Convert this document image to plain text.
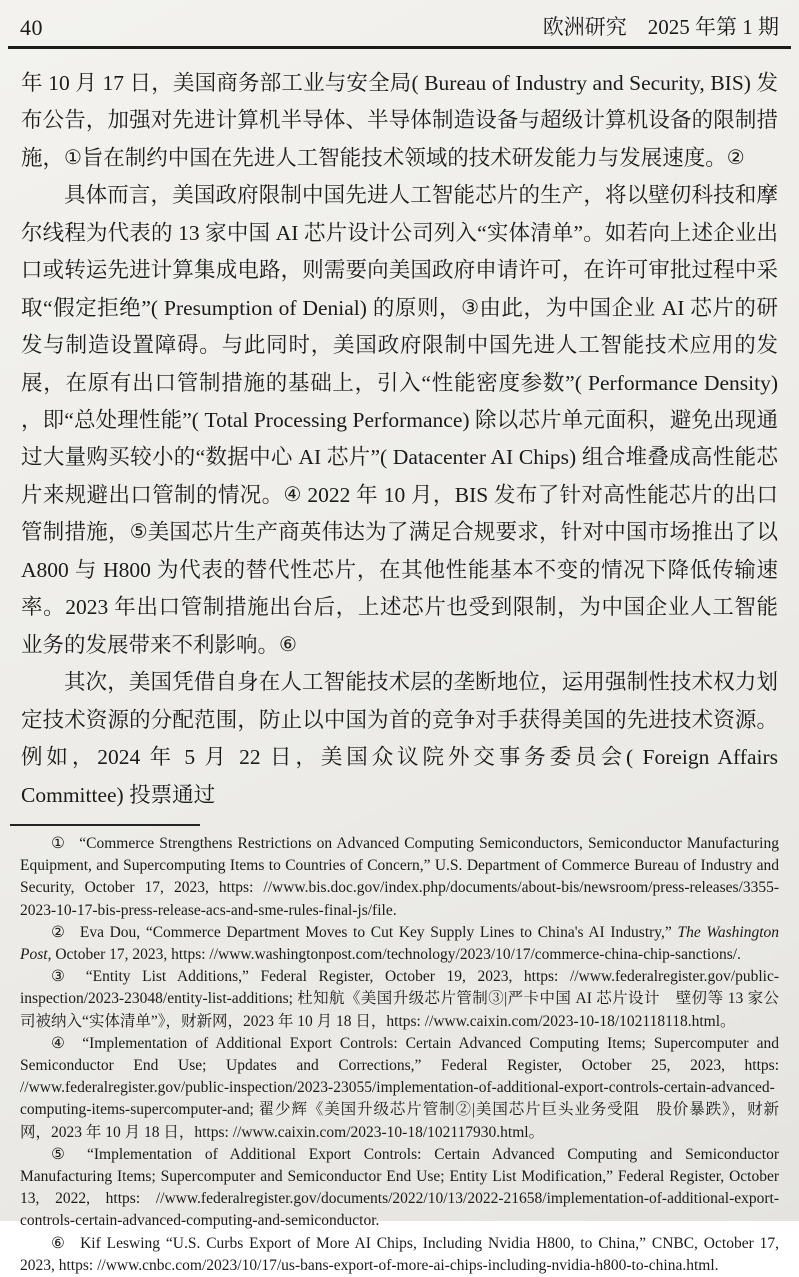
40	欧洲研究　2025 年第 1 期

年 10 月 17 日，美国商务部工业与安全局( Bureau of Industry and Security, BIS) 发布公告，加强对先进计算机半导体、半导体制造设备与超级计算机设备的限制措施，①旨在制约中国在先进人工智能技术领域的技术研发能力与发展速度。②

具体而言，美国政府限制中国先进人工智能芯片的生产，将以壁仞科技和摩尔线程为代表的 13 家中国 AI 芯片设计公司列入“实体清单”。如若向上述企业出口或转运先进计算集成电路，则需要向美国政府申请许可，在许可审批过程中采取“假定拒绝”( Presumption of Denial) 的原则，③由此，为中国企业 AI 芯片的研发与制造设置障碍。与此同时，美国政府限制中国先进人工智能技术应用的发展，在原有出口管制措施的基础上，引入“性能密度参数”( Performance Density) ，即“总处理性能”( Total Processing Performance) 除以芯片单元面积，避免出现通过大量购买较小的“数据中心 AI 芯片”( Datacenter AI Chips) 组合堆叠成高性能芯片来规避出口管制的情况。④ 2022 年 10 月，BIS 发布了针对高性能芯片的出口管制措施，⑤美国芯片生产商英伟达为了满足合规要求，针对中国市场推出了以 A800 与 H800 为代表的替代性芯片，在其他性能基本不变的情况下降低传输速率。2023 年出口管制措施出台后，上述芯片也受到限制，为中国企业人工智能业务的发展带来不利影响。⑥

其次，美国凭借自身在人工智能技术层的垄断地位，运用强制性技术权力划定技术资源的分配范围，防止以中国为首的竞争对手获得美国的先进技术资源。例如，2024 年 5 月 22 日，美国众议院外交事务委员会( Foreign Affairs Committee) 投票通过

① “Commerce Strengthens Restrictions on Advanced Computing Semiconductors, Semiconductor Manufacturing Equipment, and Supercomputing Items to Countries of Concern,” U.S. Department of Commerce Bureau of Industry and Security, October 17, 2023, https: //www.bis.doc.gov/index.php/documents/about-bis/newsroom/press-releases/3355-2023-10-17-bis-press-release-acs-and-sme-rules-final-js/file.

② Eva Dou, “Commerce Department Moves to Cut Key Supply Lines to China's AI Industry,” The Washington Post, October 17, 2023, https: //www.washingtonpost.com/technology/2023/10/17/commerce-china-chip-sanctions/.

③ “Entity List Additions,” Federal Register, October 19, 2023, https: //www.federalregister.gov/public-inspection/2023-23048/entity-list-additions; 杜知航《美国升级芯片管制③|严卡中国 AI 芯片设计　壁仞等 13 家公司被纳入“实体清单”》，财新网，2023 年 10 月 18 日，https: //www.caixin.com/2023-10-18/102118118.html。

④ “Implementation of Additional Export Controls: Certain Advanced Computing Items; Supercomputer and Semiconductor End Use; Updates and Corrections,” Federal Register, October 25, 2023, https: //www.federalregister.gov/public-inspection/2023-23055/implementation-of-additional-export-controls-certain-advanced-computing-items-supercomputer-and; 翟少辉《美国升级芯片管制②|美国芯片巨头业务受阻　股价暴跌》，财新网，2023 年 10 月 18 日，https: //www.caixin.com/2023-10-18/102117930.html。

⑤ “Implementation of Additional Export Controls: Certain Advanced Computing and Semiconductor Manufacturing Items; Supercomputer and Semiconductor End Use; Entity List Modification,” Federal Register, October 13, 2022, https: //www.federalregister.gov/documents/2022/10/13/2022-21658/implementation-of-additional-export-controls-certain-advanced-computing-and-semiconductor.

⑥ Kif Leswing “U.S. Curbs Export of More AI Chips, Including Nvidia H800, to China,” CNBC, October 17, 2023, https: //www.cnbc.com/2023/10/17/us-bans-export-of-more-ai-chips-including-nvidia-h800-to-china.html.
